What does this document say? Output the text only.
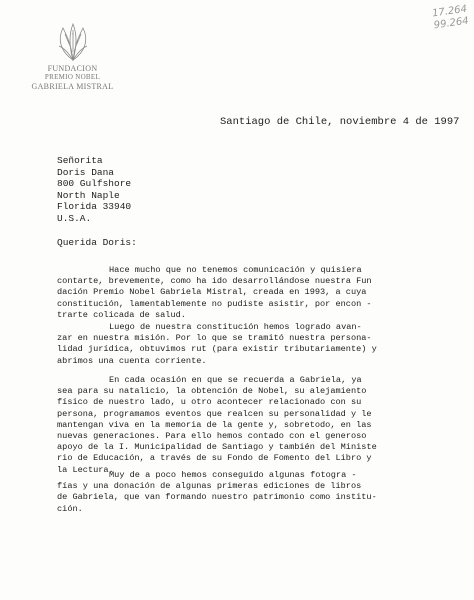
FUNDACION
PREMIO NOBEL
GABRIELA MISTRAL
17.264
99.264
Santiago de Chile, noviembre 4 de 1997
Señorita
Doris Dana
800 Gulfshore
North Naple
Florida 33940
U.S.A.
Querida Doris:
Hace mucho que no tenemos comunicación y quisiera
contarte, brevemente, como ha ido desarrollándose nuestra Fun
dación Premio Nobel Gabriela Mistral, creada en 1993, a cuya
constitución, lamentablemente no pudiste asistir, por encon -
trarte colicada de salud.
Luego de nuestra constitución hemos logrado avan-
zar en nuestra misión. Por lo que se tramitó nuestra persona-
lidad jurídica, obtuvimos rut (para existir tributariamente) y
abrimos una cuenta corriente.
En cada ocasión en que se recuerda a Gabriela, ya
sea para su natalicio, la obtención de Nobel, su alejamiento
físico de nuestro lado, u otro acontecer relacionado con su
persona, programamos eventos que realcen su personalidad y le
mantengan viva en la memoria de la gente y, sobretodo, en las
nuevas generaciones. Para ello hemos contado con el generoso
apoyo de la I. Municipalidad de Santiago y también del Ministe
rio de Educación, a través de su Fondo de Fomento del Libro y
la Lectura.
Muy de a poco hemos conseguido algunas fotogra -
fías y una donación de algunas primeras ediciones de libros
de Gabriela, que van formando nuestro patrimonio como institu-
ción.
